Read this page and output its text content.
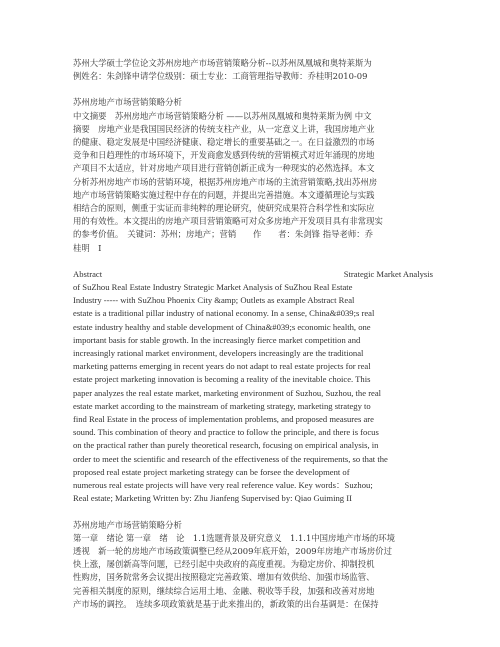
苏州大学硕士学位论文苏州房地产市场营销策略分析--以苏州凤凰城和奥特莱斯为

例姓名：朱剑锋申请学位级别：硕士专业：工商管理指导教师：乔桂明2010-09

苏州房地产市场营销策略分析

中文摘要　苏州房地产市场营销策略分析 ——以苏州凤凰城和奥特莱斯为例 中文

摘要　房地产业是我国国民经济的传统支柱产业，从一定意义上讲，我国房地产业

的健康、稳定发展是中国经济健康、稳定增长的重要基础之一。在日益激烈的市场

竞争和日趋理性的市场环境下，开发商愈发感到传统的营销模式对近年涌现的房地

产项目不太适应，针对房地产项目进行营销创新正成为一种现实的必然选择。本文

分析苏州房地产市场的营销环境，根据苏州房地产市场的主流营销策略,找出苏州房

地产市场营销策略实施过程中存在的问题，并提出完善措施。本文遵循理论与实践

相结合的原则，侧重于实证而非纯粹的理论研究，使研究成果符合科学性和实际应

用的有效性。本文提出的房地产项目营销策略可对众多房地产开发项目具有非常现实

的参考价值。　关键词：苏州；房地产；营销　　作　　者：朱剑锋 指导老师：乔

桂明　I

Abstract	Strategic Market Analysis

of SuZhou Real Estate Industry Strategic Market Analysis of SuZhou Real Estate

Industry ----- with SuZhou Phoenix City &amp; Outlets as example Abstract Real

estate is a traditional pillar industry of national economy. In a sense, China&#039;s real

estate industry healthy and stable development of China&#039;s economic health, one

important basis for stable growth. In the increasingly fierce market competition and

increasingly rational market environment, developers increasingly are the traditional

marketing patterns emerging in recent years do not adapt to real estate projects for real

estate project marketing innovation is becoming a reality of the inevitable choice. This

paper analyzes the real estate market, marketing environment of Suzhou, Suzhou, the real

estate market according to the mainstream of marketing strategy, marketing strategy to

find Real Estate in the process of implementation problems, and proposed measures are

sound. This combination of theory and practice to follow the principle, and there is focus

on the practical rather than purely theoretical research, focusing on empirical analysis, in

order to meet the scientific and research of the effectiveness of the requirements, so that the

proposed real estate project marketing strategy can be forsee the development of

numerous real estate projects will have very real reference value. Key words：Suzhou;

Real estate; Marketing Written by: Zhu Jianfeng Supervised by: Qiao Guiming II

苏州房地产市场营销策略分析

第一章　绪论 第一章　绪　论　1.1选题背景及研究意义　1.1.1中国房地产市场的环境

透视　新一轮的房地产市场政策调整已经从2009年底开始，2009年房地产市场房价过

快上涨，屡创新高等问题，已经引起中央政府的高度重视。为稳定房价、抑制投机

性购房，国务院常务会议提出按照稳定完善政策、增加有效供给、加强市场监管、

完善相关制度的原则，继续综合运用土地、金融、税收等手段，加强和改善对房地

产市场的调控。　连续多项政策就是基于此来推出的，新政策的出台基调是：在保持
